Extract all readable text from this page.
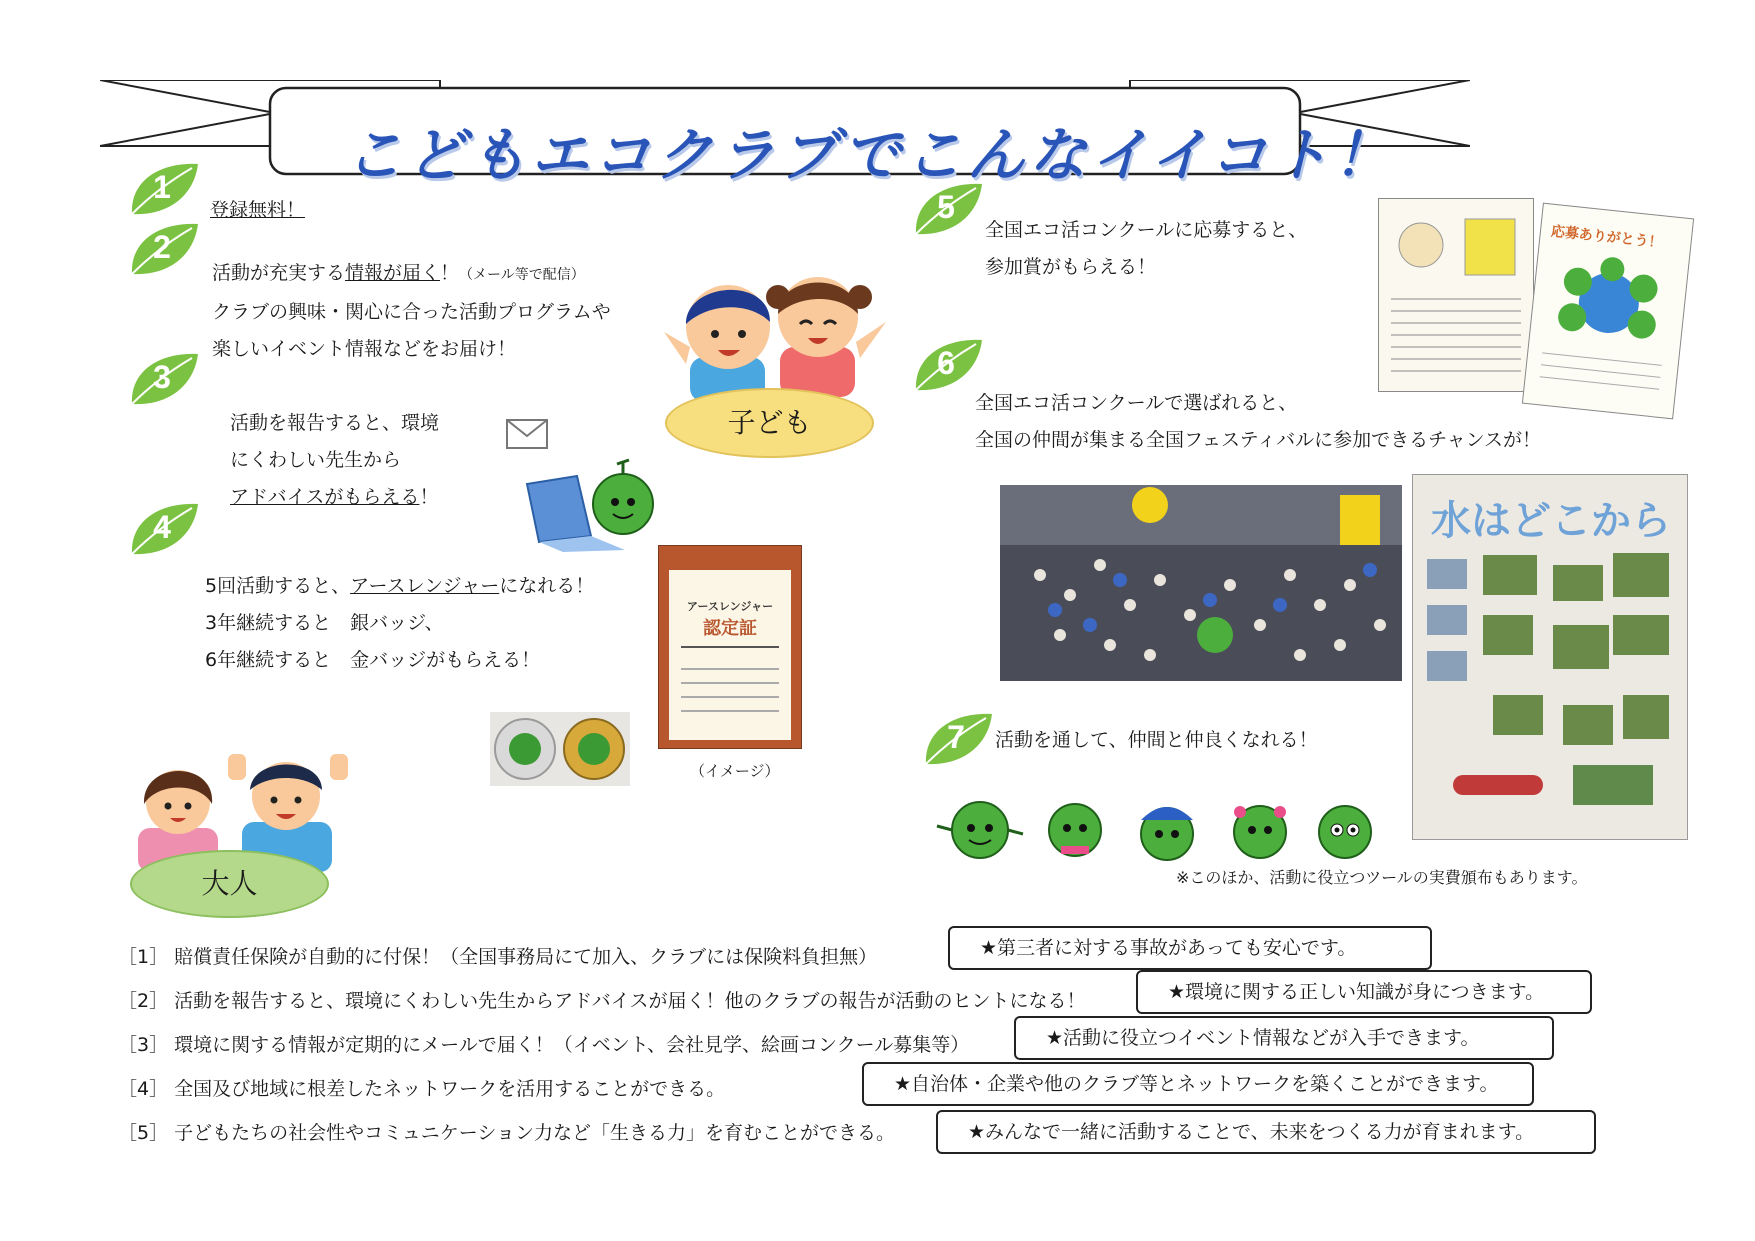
こどもエコクラブでこんなイイコト！
1
2
3
4
5
6
7
登録無料！
活動が充実する情報が届く！（メール等で配信）
クラブの興味・関心に合った活動プログラムや
楽しいイベント情報などをお届け！
活動を報告すると、環境
にくわしい先生から
アドバイスがもらえる！
5回活動すると、アースレンジャーになれる！
3年継続すると　銀バッジ、
6年継続すると　金バッジがもらえる！
全国エコ活コンクールに応募すると、
参加賞がもらえる！
全国エコ活コンクールで選ばれると、
全国の仲間が集まる全国フェスティバルに参加できるチャンスが！
活動を通して、仲間と仲良くなれる！
子ども
アースレンジャー
認定証
（イメージ）
大人
応募ありがとう！
水はどこから
※このほか、活動に役立つツールの実費頒布もあります。
［1］ 賠償責任保険が自動的に付保！（全国事務局にて加入、クラブには保険料負担無）	★第三者に対する事故があっても安心です。
［2］ 活動を報告すると、環境にくわしい先生からアドバイスが届く！他のクラブの報告が活動のヒントになる！	★環境に関する正しい知識が身につきます。
［3］ 環境に関する情報が定期的にメールで届く！（イベント、会社見学、絵画コンクール募集等）	★活動に役立つイベント情報などが入手できます。
［4］ 全国及び地域に根差したネットワークを活用することができる。	★自治体・企業や他のクラブ等とネットワークを築くことができます。
［5］ 子どもたちの社会性やコミュニケーション力など「生きる力」を育むことができる。	★みんなで一緒に活動することで、未来をつくる力が育まれます。
